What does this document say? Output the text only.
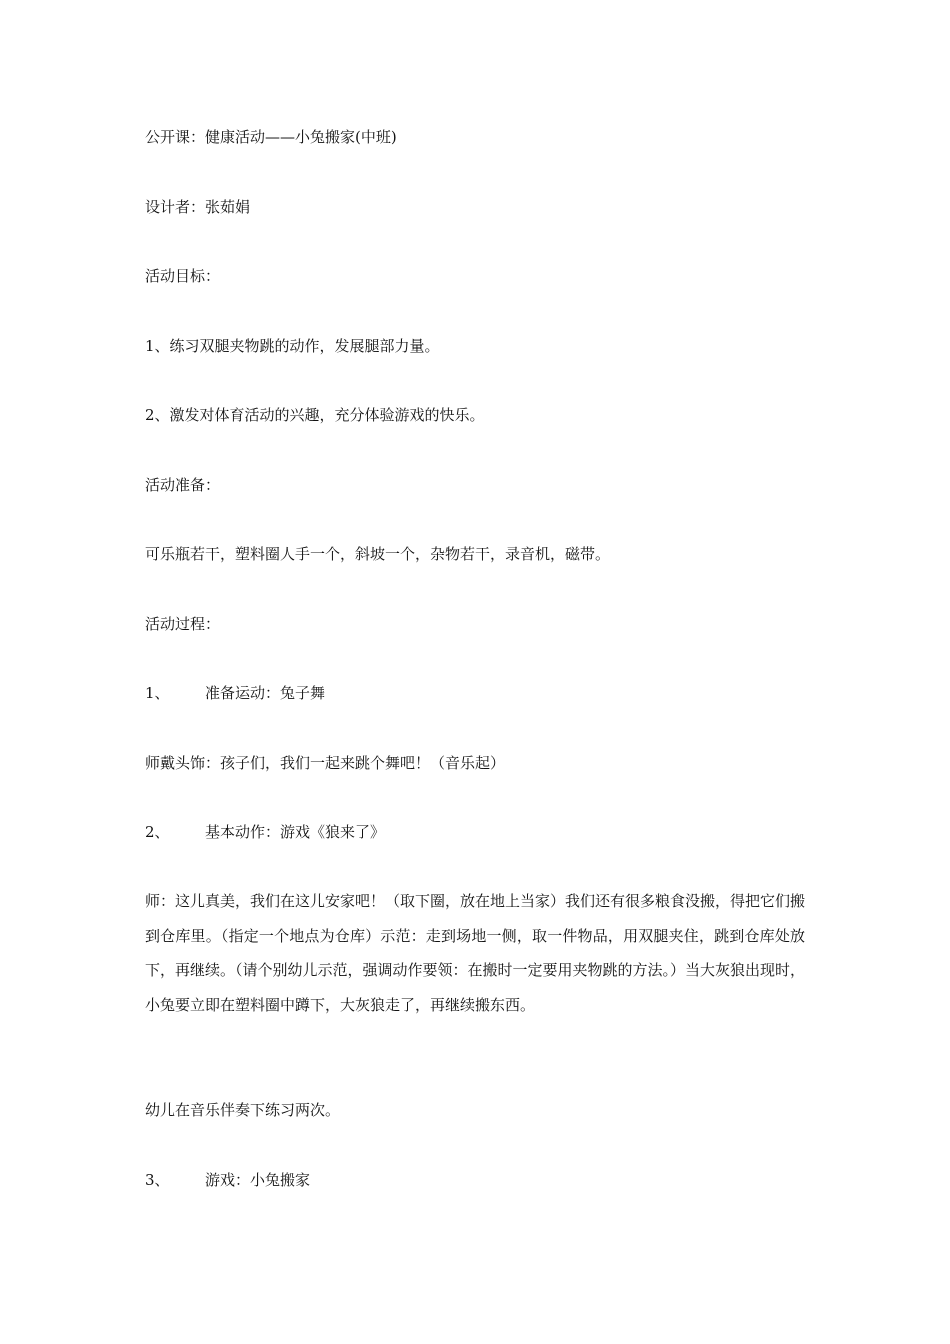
公开课：健康活动——小兔搬家(中班)
设计者：张茹娟
活动目标：
1、练习双腿夹物跳的动作，发展腿部力量。
2、激发对体育活动的兴趣，充分体验游戏的快乐。
活动准备：
可乐瓶若干，塑料圈人手一个，斜坡一个，杂物若干，录音机，磁带。
活动过程：
1、 准备运动：兔子舞
师戴头饰：孩子们，我们一起来跳个舞吧！（音乐起）
2、 基本动作：游戏《狼来了》
师：这儿真美，我们在这儿安家吧！（取下圈，放在地上当家）我们还有很多粮食没搬，得把它们搬到仓库里。（指定一个地点为仓库）示范：走到场地一侧，取一件物品，用双腿夹住，跳到仓库处放下，再继续。（请个别幼儿示范，强调动作要领：在搬时一定要用夹物跳的方法。）当大灰狼出现时，小兔要立即在塑料圈中蹲下，大灰狼走了，再继续搬东西。
幼儿在音乐伴奏下练习两次。
3、 游戏：小兔搬家
